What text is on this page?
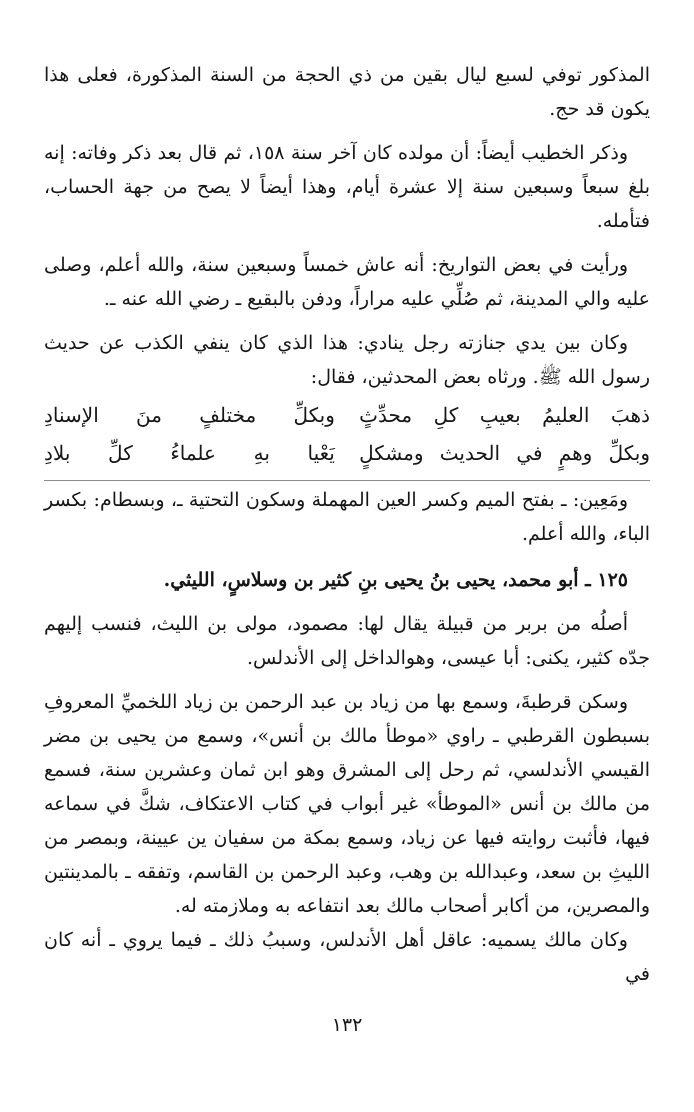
المذكور توفي لسبع ليال بقين من ذي الحجة من السنة المذكورة، فعلى هذا يكون قد حج.

وذكر الخطيب أيضاً: أن مولده كان آخر سنة ١٥٨، ثم قال بعد ذكر وفاته: إنه بلغ سبعاً وسبعين سنة إلا عشرة أيام، وهذا أيضاً لا يصح من جهة الحساب، فتأمله.

ورأيت في بعض التواريخ: أنه عاش خمساً وسبعين سنة، والله أعلم، وصلى عليه والي المدينة، ثم صُلِّي عليه مراراً، ودفن بالبقيع ـ رضي الله عنه ـ.

وكان بين يدي جنازته رجل ينادي: هذا الذي كان ينفي الكذب عن حديث رسول الله ﷺ. ورثاه بعض المحدثين، فقال:

ذهبَ العليمُ بعيبِ كلِ محدِّثٍ
وبكلِّ مختلفٍ منَ الإسنادِ
وبكلِّ وهمٍ في الحديث ومشكلٍ
يَعْيا بهِ علماءُ كلِّ بلادِ

ومَعِين: ـ بفتح الميم وكسر العين المهملة وسكون التحتية ـ، وبسطام: بكسر الباء، والله أعلم.

١٢٥ ـ أبو محمد، يحيى بنُ يحيى بنِ كثير بن وسلاسٍ، الليثي.

أصلُه من بربر من قبيلة يقال لها: مصمود، مولى بن الليث، فنسب إليهم جدّه كثير، يكنى: أبا عيسى، وهوالداخل إلى الأندلس.

وسكن قرطبةَ، وسمع بها من زياد بن عبد الرحمن بن زياد اللخميِّ المعروفِ بسبطون القرطبي ـ راوي «موطأ مالك بن أنس»، وسمع من يحيى بن مضر القيسي الأندلسي، ثم رحل إلى المشرق وهو ابن ثمان وعشرين سنة، فسمع من مالك بن أنس «الموطأ» غير أبواب في كتاب الاعتكاف، شكَّ في سماعه فيها، فأثبت روايته فيها عن زياد، وسمع بمكة من سفيان ين عيينة، وبمصر من الليثِ بن سعد، وعبدالله بن وهب، وعبد الرحمن بن القاسم، وتفقه ـ بالمدينتين والمصرين، من أكابر أصحاب مالك بعد انتفاعه به وملازمته له.

وكان مالك يسميه: عاقل أهل الأندلس، وسببُ ذلك ـ فيما يروي ـ أنه كان في

١٣٢
